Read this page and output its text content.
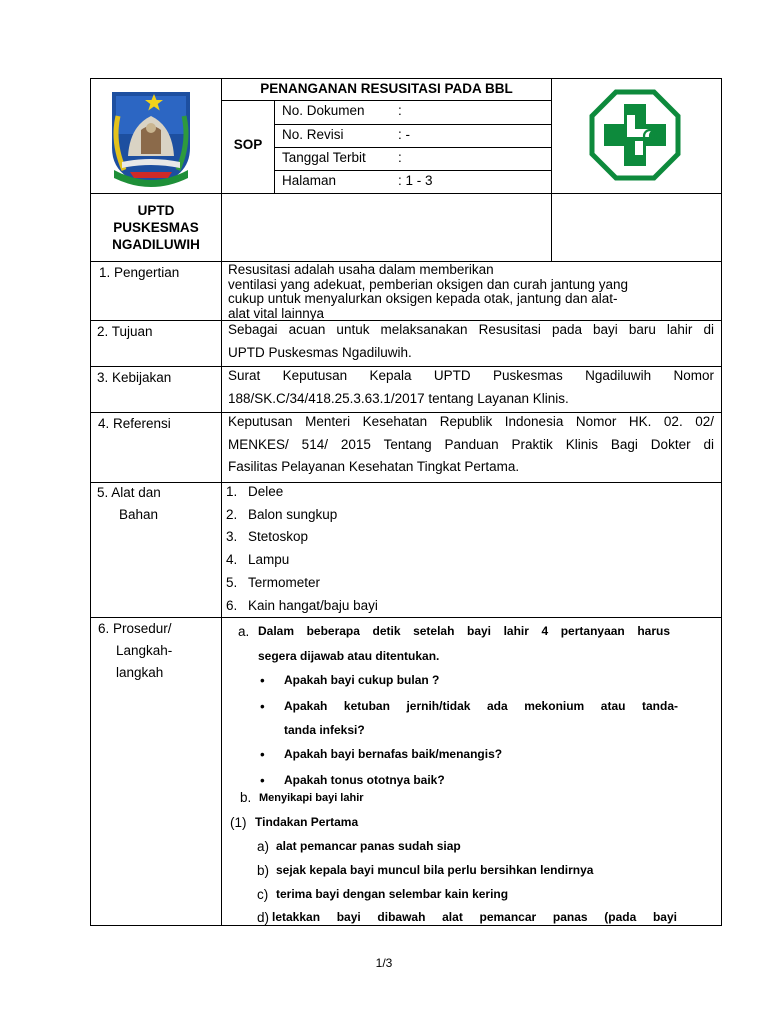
PENANGANAN RESUSITASI PADA BBL
SOP
No. Dokumen :
No. Revisi	: -
Tanggal Terbit :
Halaman	: 1 - 3
UPTD
PUSKESMAS
NGADILUWIH
1. Pengertian	Resusitasi adalah usaha dalam memberikan
ventilasi yang adekuat, pemberian oksigen dan curah jantung yang
cukup untuk menyalurkan oksigen kepada otak, jantung dan alat-
alat vital lainnya
2. Tujuan	Sebagai acuan untuk melaksanakan Resusitasi pada bayi baru lahir di
UPTD Puskesmas Ngadiluwih.
3. Kebijakan	Surat Keputusan Kepala UPTD Puskesmas Ngadiluwih Nomor
188/SK.C/34/418.25.3.63.1/2017 tentang Layanan Klinis.
4. Referensi	Keputusan Menteri Kesehatan Republik Indonesia Nomor HK. 02. 02/
MENKES/ 514/ 2015 Tentang Panduan Praktik Klinis Bagi Dokter di
Fasilitas Pelayanan Kesehatan Tingkat Pertama.
5. Alat dan
Bahan
1. Delee
2. Balon sungkup
3. Stetoskop
4. Lampu
5. Termometer
6. Kain hangat/baju bayi
6. Prosedur/
Langkah-
langkah
a. Dalam beberapa detik setelah bayi lahir 4 pertanyaan harus
segera dijawab atau ditentukan.
• Apakah bayi cukup bulan ?
• Apakah ketuban jernih/tidak ada mekonium atau tanda-
tanda infeksi?
• Apakah bayi bernafas baik/menangis?
• Apakah tonus ototnya baik?
b. Menyikapi bayi lahir
(1) Tindakan Pertama
a) alat pemancar panas sudah siap
b) sejak kepala bayi muncul bila perlu bersihkan lendirnya
c) terima bayi dengan selembar kain kering
d) letakkan bayi dibawah alat pemancar panas (pada bayi
1/3
